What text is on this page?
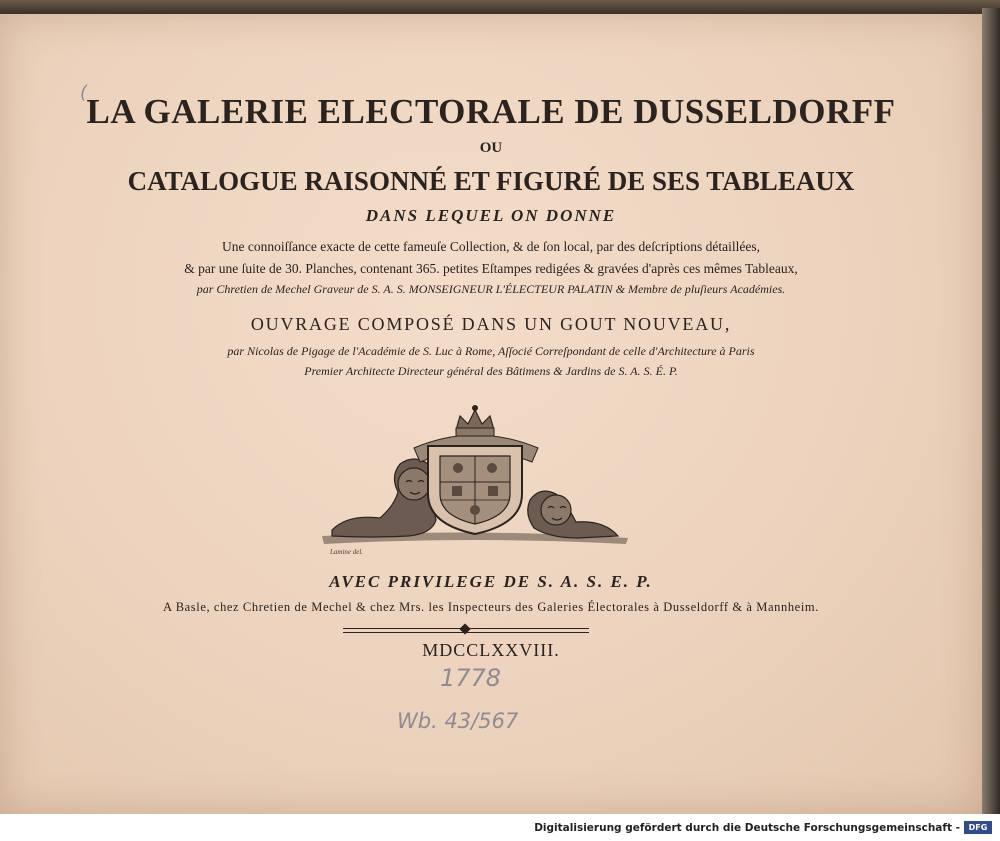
( LA GALERIE ELECTORALE DE DUSSELDORFF
OU
CATALOGUE RAISONNÉ ET FIGURÉ DE SES TABLEAUX
DANS LEQUEL ON DONNE
Une connoiſſance exacte de cette fameuſe Collection, & de ſon local, par des deſcriptions détaillées,
& par une ſuite de 30. Planches, contenant 365. petites Eſtampes redigées & gravées d'après ces mêmes Tableaux,
par Chretien de Mechel Graveur de S. A. S. MONSEIGNEUR L'ÉLECTEUR PALATIN & Membre de pluſieurs Académies.
OUVRAGE COMPOSÉ DANS UN GOUT NOUVEAU,
par Nicolas de Pigage de l'Académie de S. Luc à Rome, Aſſocié Correſpondant de celle d'Architecture à Paris
Premier Architecte Directeur général des Bâtimens & Jardins de S. A. S. É. P.
Lamine del.
AVEC PRIVILEGE DE S. A. S. E. P.
A Basle, chez Chretien de Mechel & chez Mrs. les Inspecteurs des Galeries Électorales à Dusseldorff & à Mannheim.
MDCCLXXVIII.
1778
Wb. 43/567
Digitalisierung gefördert durch die Deutsche Forschungsgemeinschaft -	DFG
